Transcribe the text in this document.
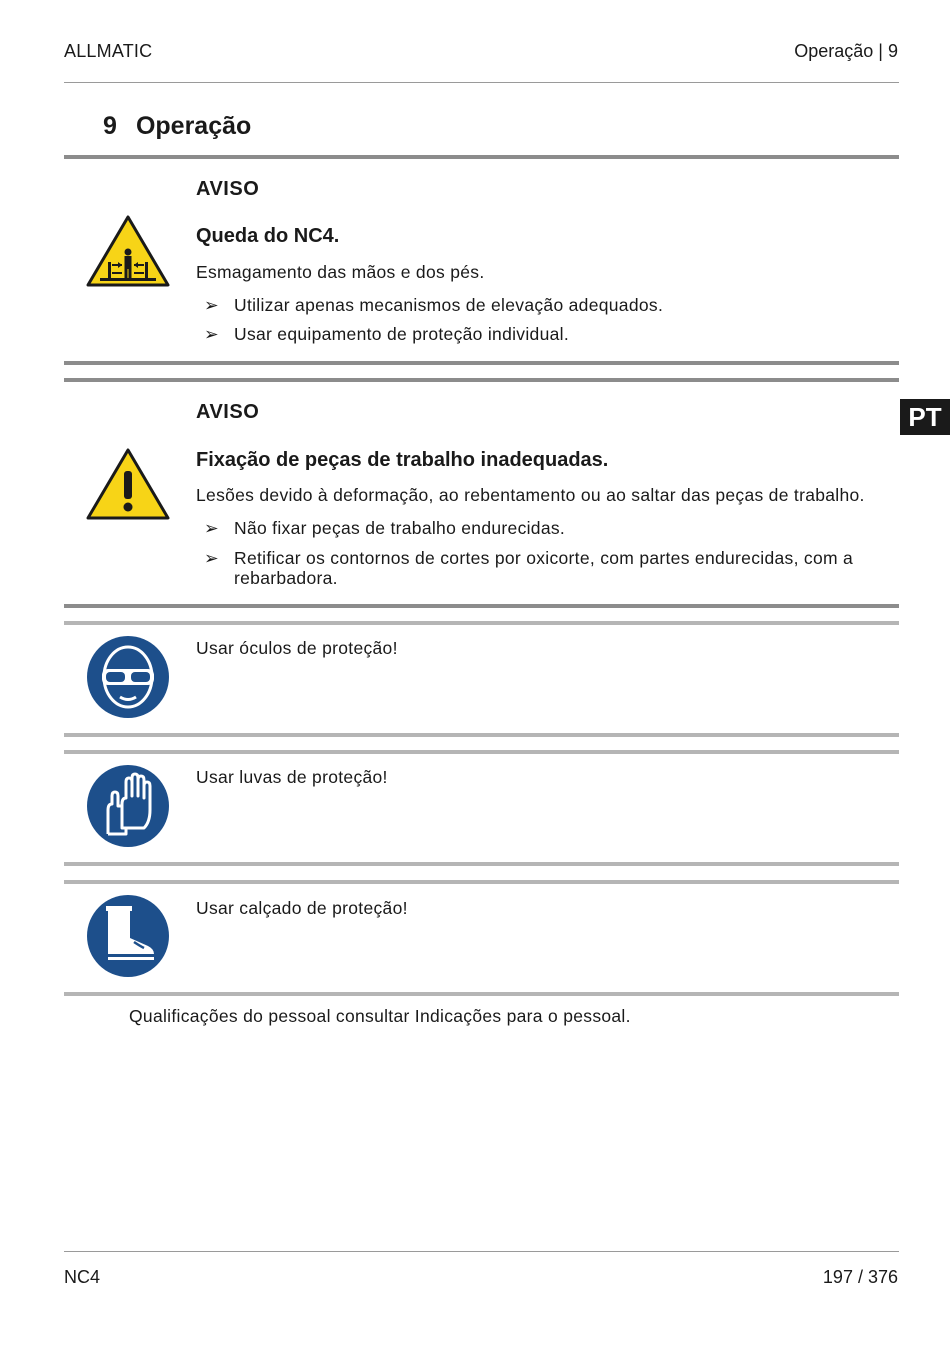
ALLMATIC	Operação | 9
9 Operação
AVISO
Queda do NC4.
Esmagamento das mãos e dos pés.
➢ Utilizar apenas mecanismos de elevação adequados.
➢ Usar equipamento de proteção individual.
AVISO
Fixação de peças de trabalho inadequadas.
Lesões devido à deformação, ao rebentamento ou ao saltar das peças de trabalho.
➢ Não fixar peças de trabalho endurecidas.
➢ Retificar os contornos de cortes por oxicorte, com partes endurecidas, com a rebarbadora.
Usar óculos de proteção!
Usar luvas de proteção!
Usar calçado de proteção!
Qualificações do pessoal consultar Indicações para o pessoal.
PT
NC4	197 / 376
